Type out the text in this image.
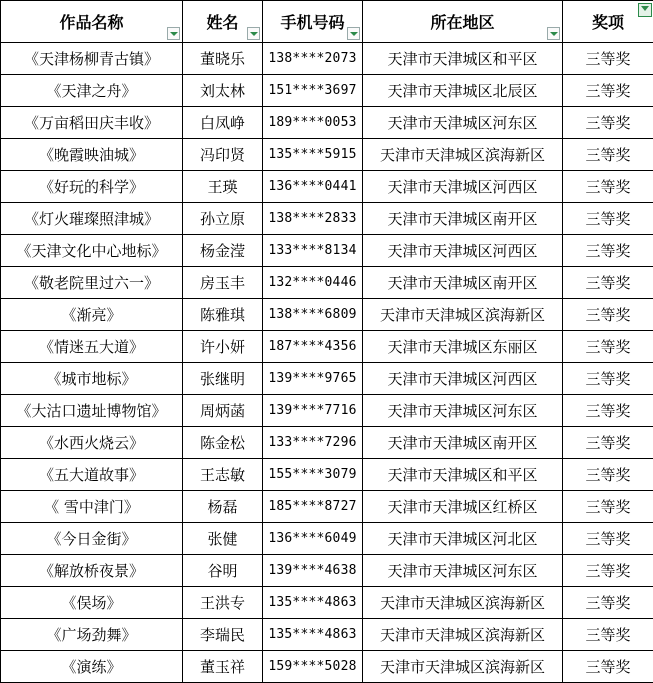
作品名称	姓名	手机号码	所在地区	奖项

《天津杨柳青古镇》	董晓乐	138****2073	天津市天津城区和平区	三等奖
《天津之舟》	刘太林	151****3697	天津市天津城区北辰区	三等奖
《万亩稻田庆丰收》	白凤峥	189****0053	天津市天津城区河东区	三等奖
《晚霞映油城》	冯印贤	135****5915	天津市天津城区滨海新区	三等奖
《好玩的科学》	王瑛	136****0441	天津市天津城区河西区	三等奖
《灯火璀璨照津城》	孙立原	138****2833	天津市天津城区南开区	三等奖
《天津文化中心地标》	杨金滢	133****8134	天津市天津城区河西区	三等奖
《敬老院里过六一》	房玉丰	132****0446	天津市天津城区南开区	三等奖
《渐亮》	陈雅琪	138****6809	天津市天津城区滨海新区	三等奖
《情迷五大道》	许小妍	187****4356	天津市天津城区东丽区	三等奖
《城市地标》	张继明	139****9765	天津市天津城区河西区	三等奖
《大沽口遗址博物馆》	周炳菡	139****7716	天津市天津城区河东区	三等奖
《水西火烧云》	陈金松	133****7296	天津市天津城区南开区	三等奖
《五大道故事》	王志敏	155****3079	天津市天津城区和平区	三等奖
《 雪中津门》	杨磊	185****8727	天津市天津城区红桥区	三等奖
《今日金街》	张健	136****6049	天津市天津城区河北区	三等奖
《解放桥夜景》	谷明	139****4638	天津市天津城区河东区	三等奖
《俣场》	王洪专	135****4863	天津市天津城区滨海新区	三等奖
《广场劲舞》	李瑞民	135****4863	天津市天津城区滨海新区	三等奖
《演练》	董玉祥	159****5028	天津市天津城区滨海新区	三等奖
